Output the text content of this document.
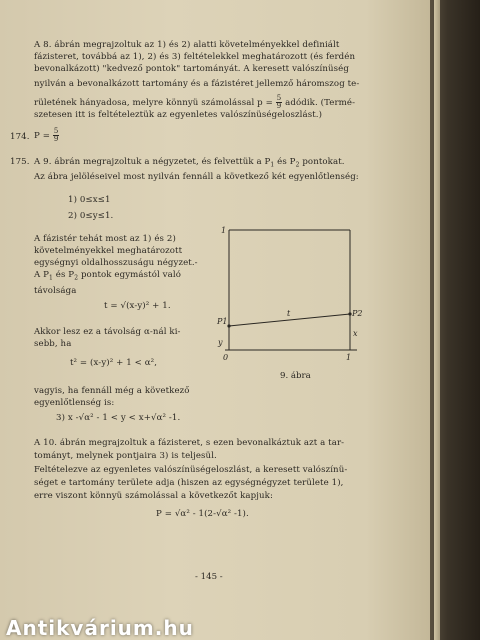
A 8. ábrán megrajzoltuk az 1) és 2) alatti követelményekkel definiált
fázisteret, továbbá az 1), 2) és 3) feltételekkel meghatározott (és ferdén
bevonalkázott) "kedvező pontok" tartományát. A keresett valószínüség
nyilván a bevonalkázott tartomány és a fázistéret jellemző háromszog te-
rületének hányadosa, melyre könnyü számolással $p = \frac{5}{9}$ adódik. (Termé-
szetesen itt is feltételeztük az egyenletes valószínüségeloszlást.)
174. $P = \frac{5}{9}$
175. A 9. ábrán megrajzoltuk a négyzetet, és felvettük a $P_1$ és $P_2$ pontokat.
Az ábra jelöléseivel most nyilván fennáll a következő két egyenlőtlenség:
1) 0≤x≤1
2) 0≤y≤1.
A fázistér tehát most az 1) és 2)
követelményekkel meghatározott
egységnyi oldalhosszuságu négyzet.-
A $P_1$ és $P_2$ pontok egymástól való
távolsága
t = √(x-y)² + 1.
Akkor lesz ez a távolság α-nál ki-
sebb, ha
t² = (x-y)² + 1 < α²,
vagyis, ha fennáll még a következő
egyenlőtlenség is:
3) x -√α² - 1 < y < x+√α² -1.
1
0	1
P1
P2
t
y
x
9. ábra
A 10. ábrán megrajzoltuk a fázisteret, s ezen bevonalkáztuk azt a tar-
tományt, melynek pontjaira 3) is teljesül.
Feltételezve az egyenletes valószínüségeloszlást, a keresett valószínü-
séget e tartomány területe adja (hiszen az egységnégyzet területe 1),
erre viszont könnyü számolással a következőt kapjuk:
P = √α² - 1(2-√α² -1).
- 145 -
Antikvárium.hu
